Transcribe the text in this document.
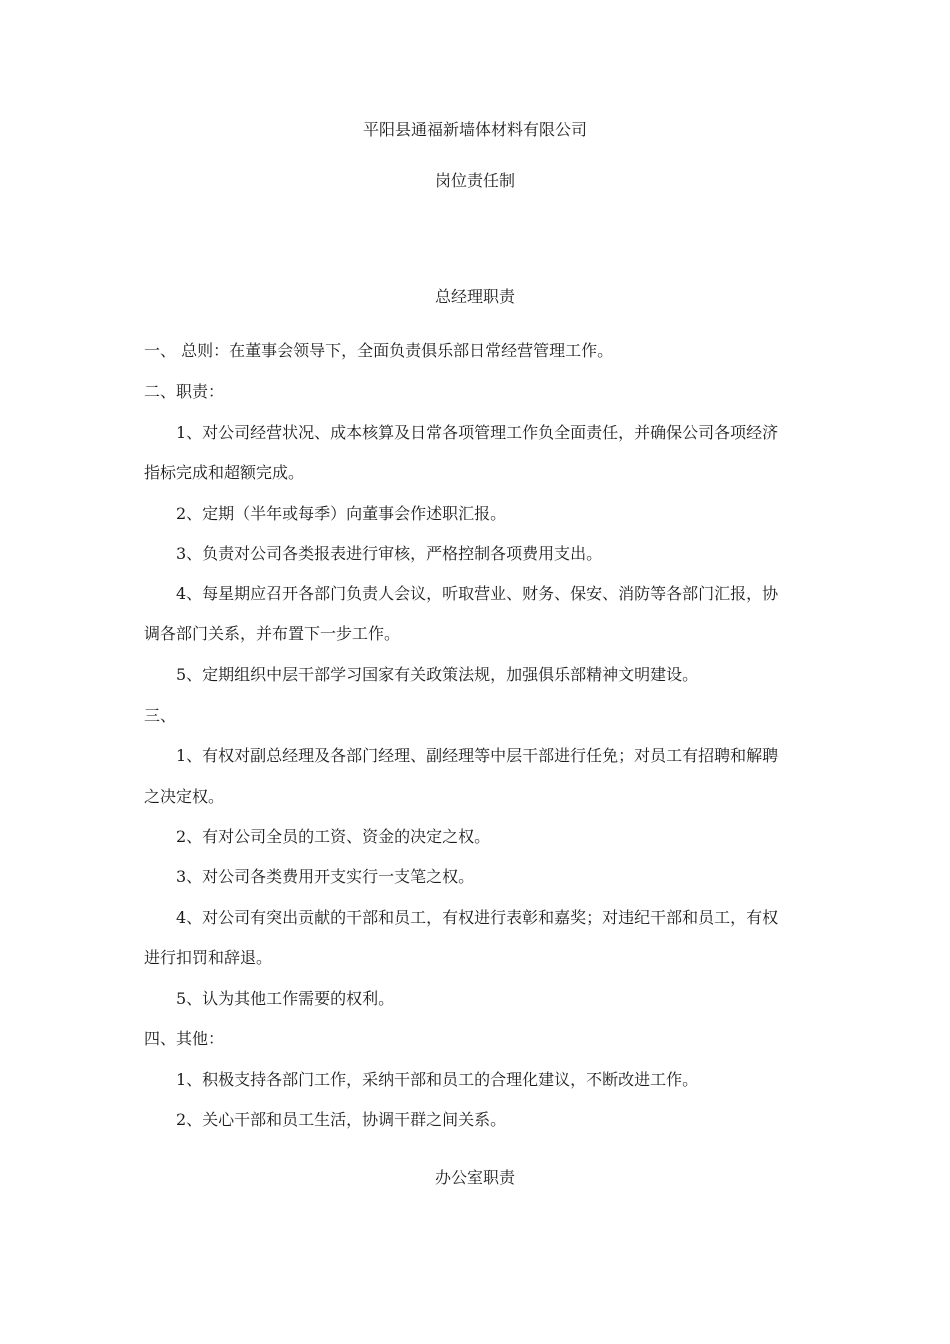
平阳县通福新墙体材料有限公司
岗位责任制
总经理职责
一、 总则：在董事会领导下，全面负责俱乐部日常经营管理工作。
二、职责：
1、对公司经营状况、成本核算及日常各项管理工作负全面责任，并确保公司各项经济
指标完成和超额完成。
2、定期（半年或每季）向董事会作述职汇报。
3、负责对公司各类报表进行审核，严格控制各项费用支出。
4、每星期应召开各部门负责人会议，听取营业、财务、保安、消防等各部门汇报，协
调各部门关系，并布置下一步工作。
5、定期组织中层干部学习国家有关政策法规，加强俱乐部精神文明建设。
三、
1、有权对副总经理及各部门经理、副经理等中层干部进行任免；对员工有招聘和解聘
之决定权。
2、有对公司全员的工资、资金的决定之权。
3、对公司各类费用开支实行一支笔之权。
4、对公司有突出贡献的干部和员工，有权进行表彰和嘉奖；对违纪干部和员工，有权
进行扣罚和辞退。
5、认为其他工作需要的权利。
四、其他：
1、积极支持各部门工作，采纳干部和员工的合理化建议，不断改进工作。
2、关心干部和员工生活，协调干群之间关系。
办公室职责
